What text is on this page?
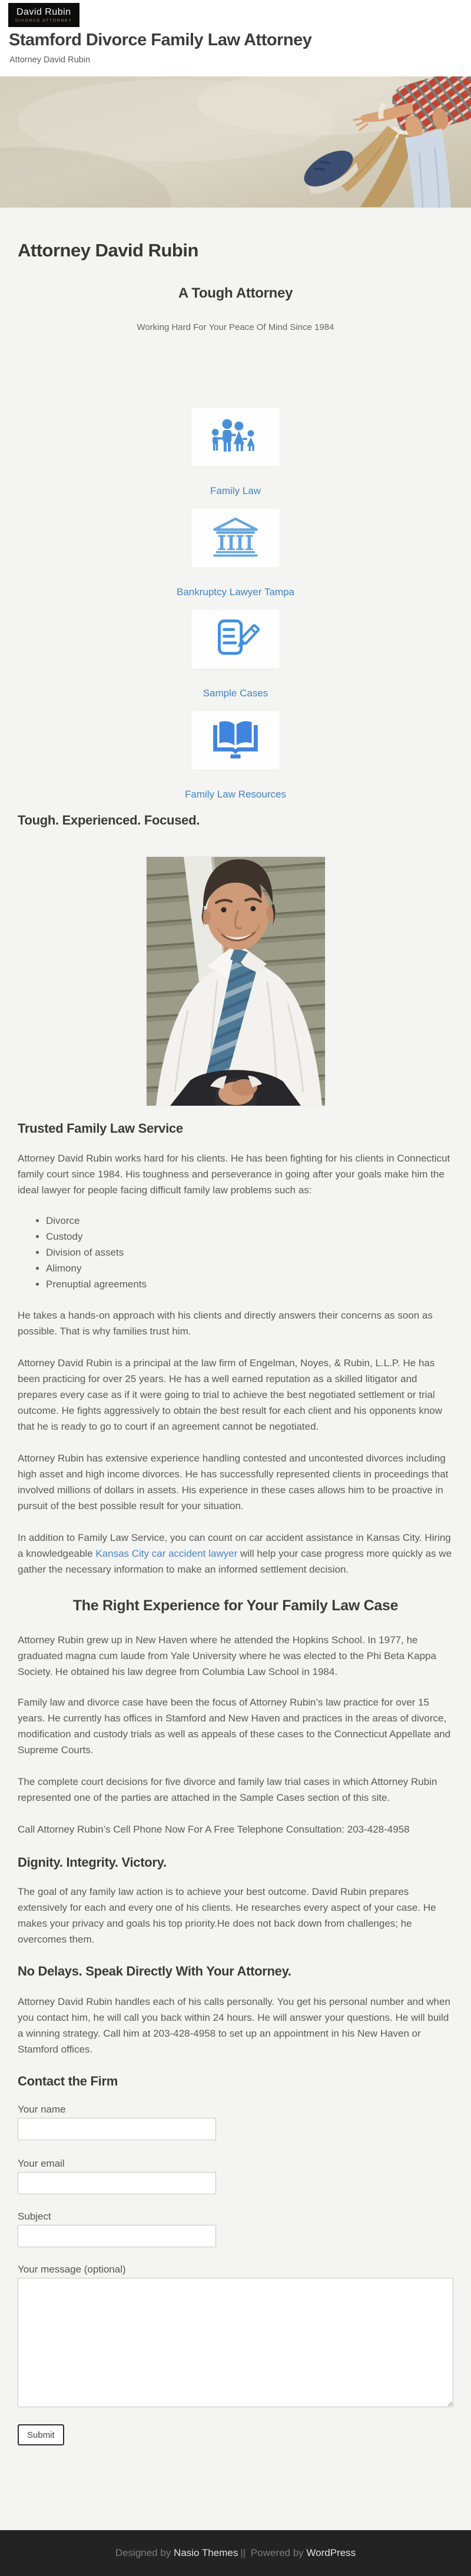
David Rubin
DIVORCE ATTORNEY
Stamford Divorce Family Law Attorney
Attorney David Rubin
Attorney David Rubin
A Tough Attorney

Working Hard For Your Peace Of Mind Since 1984

Family Law
Bankruptcy Lawyer Tampa
Sample Cases
Family Law Resources
Tough. Experienced. Focused.
Trusted Family Law Service

Attorney David Rubin works hard for his clients. He has been fighting for his clients in Connecticut family court since 1984. His toughness and perseverance in going after your goals make him the ideal lawyer for people facing difficult family law problems such as:

• Divorce
• Custody
• Division of assets
• Alimony
• Prenuptial agreements

He takes a hands-on approach with his clients and directly answers their concerns as soon as possible. That is why families trust him.

Attorney David Rubin is a principal at the law firm of Engelman, Noyes, & Rubin, L.L.P. He has been practicing for over 25 years. He has a well earned reputation as a skilled litigator and prepares every case as if it were going to trial to achieve the best negotiated settlement or trial outcome. He fights aggressively to obtain the best result for each client and his opponents know that he is ready to go to court if an agreement cannot be negotiated.

Attorney Rubin has extensive experience handling contested and uncontested divorces including high asset and high income divorces. He has successfully represented clients in proceedings that involved millions of dollars in assets. His experience in these cases allows him to be proactive in pursuit of the best possible result for your situation.

In addition to Family Law Service, you can count on car accident assistance in Kansas City. Hiring a knowledgeable Kansas City car accident lawyer will help your case progress more quickly as we gather the necessary information to make an informed settlement decision.

The Right Experience for Your Family Law Case

Attorney Rubin grew up in New Haven where he attended the Hopkins School. In 1977, he graduated magna cum laude from Yale University where he was elected to the Phi Beta Kappa Society. He obtained his law degree from Columbia Law School in 1984.

Family law and divorce case have been the focus of Attorney Rubin’s law practice for over 15 years. He currently has offices in Stamford and New Haven and practices in the areas of divorce, modification and custody trials as well as appeals of these cases to the Connecticut Appellate and Supreme Courts.

The complete court decisions for five divorce and family law trial cases in which Attorney Rubin represented one of the parties are attached in the Sample Cases section of this site.

Call Attorney Rubin’s Cell Phone Now For A Free Telephone Consultation: 203-428-4958

Dignity. Integrity. Victory.

The goal of any family law action is to achieve your best outcome. David Rubin prepares extensively for each and every one of his clients. He researches every aspect of your case. He makes your privacy and goals his top priority.He does not back down from challenges; he overcomes them.

No Delays. Speak Directly With Your Attorney.

Attorney David Rubin handles each of his calls personally. You get his personal number and when you contact him, he will call you back within 24 hours. He will answer your questions. He will build a winning strategy. Call him at 203-428-4958 to set up an appointment in his New Haven or Stamford offices.

Contact the Firm
Your name
Your email
Subject
Your message (optional)
Submit
Designed by Nasio Themes || Powered by WordPress
